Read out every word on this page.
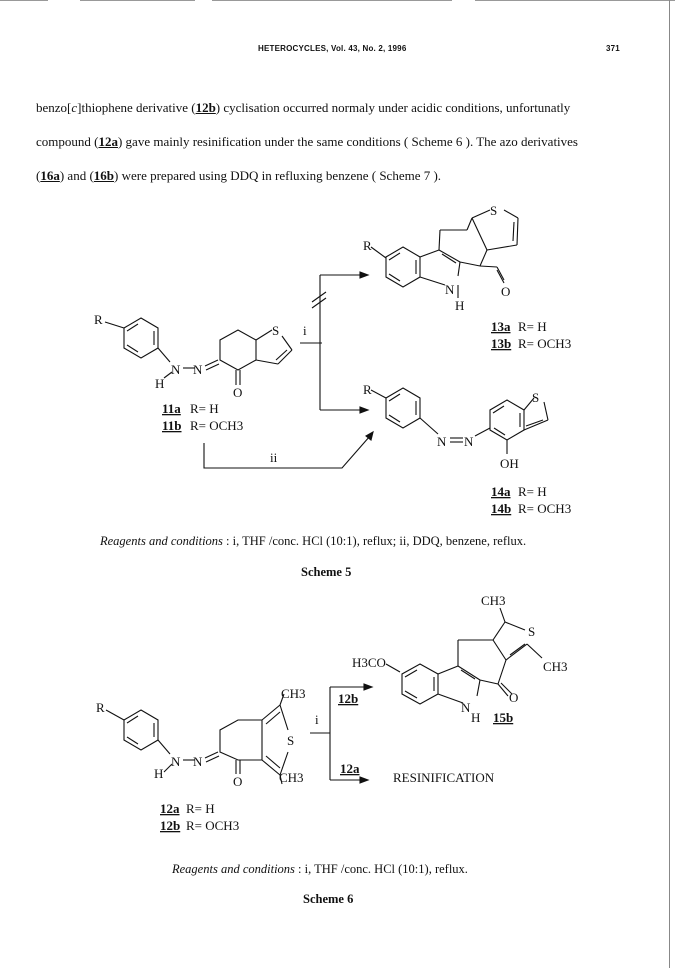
HETEROCYCLES, Vol. 43, No. 2, 1996	371
benzo[c]thiophene derivative (12b) cyclisation occurred normaly under acidic conditions, unfortunatly
compound (12a) gave mainly resinification under the same conditions ( Scheme 6 ). The azo derivatives
(16a) and (16b) were prepared using DDQ in refluxing benzene ( Scheme 7 ).
R
N N
H
O
S i
ii
R
N
H
O
S
R
N N
OH
S
11a R= H
11b R= OCH3
13a R= H
13b R= OCH3
14a R= H
14b R= OCH3
R
N N
H
O
S
CH3
CH3
i
12b
12a
RESINIFICATION
H3CO
CH3
S
CH3
N
H
O
15b
12a R= H
12b R= OCH3
Reagents and conditions : i, THF /conc. HCl (10:1), reflux; ii, DDQ, benzene, reflux.
Scheme 5
Reagents and conditions : i, THF /conc. HCl (10:1), reflux.
Scheme 6
